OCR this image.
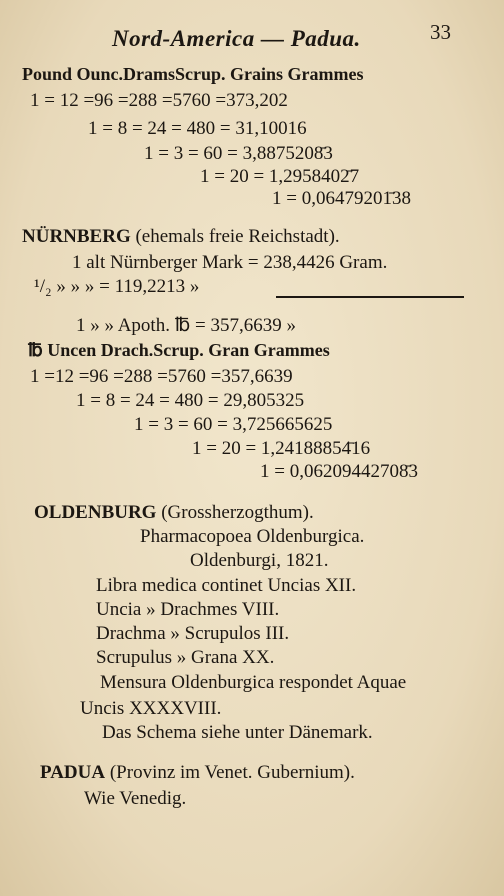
Nord-America — Padua.	33
Pound Ounc.DramsScrup. Grains Grammes
1 = 12 =96 =288 =5760 =373,202
1 = 8 = 24 = 480 = 31,10016
1 = 3 = 60 = 3,8875208̄3
1 = 20 = 1,2958402̄7
1 = 0,06479201̄38
NÜRNBERG (ehemals freie Reichstadt).
1 alt Nürnberger Mark = 238,4426 Gram.
¹/₂ » » » = 119,2213 »
1 » » Apoth. ℔ = 357,6639 »
℔ Uncen Drach.Scrup. Gran Grammes
1 =12 =96 =288 =5760 =357,6639
1 = 8 = 24 = 480 = 29,805325
1 = 3 = 60 = 3,725665625
1 = 20 = 1,24188854̄16
1 = 0,06209442708̄3
OLDENBURG (Grossherzogthum).
Pharmacopoea Oldenburgica.
Oldenburgi, 1821.
Libra medica continet Uncias XII.
Uncia » Drachmes VIII.
Drachma » Scrupulos III.
Scrupulus » Grana XX.
Mensura Oldenburgica respondet Aquae
Uncis XXXXVIII.
Das Schema siehe unter Dänemark.
PADUA (Provinz im Venet. Gubernium).
Wie Venedig.
